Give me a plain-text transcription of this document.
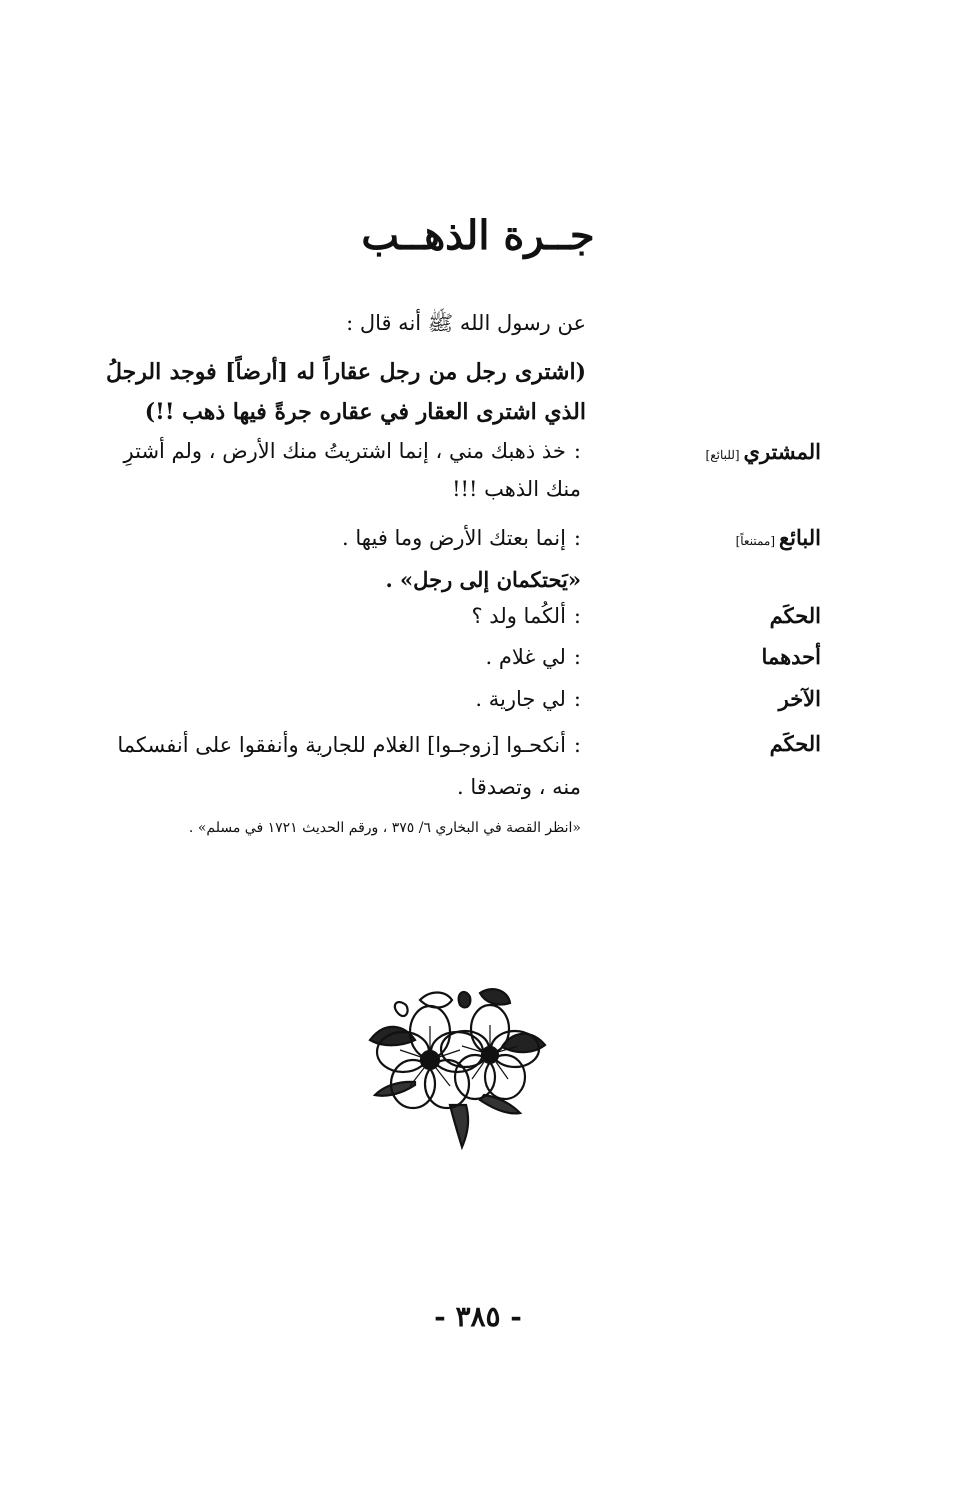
جــرة الذهــب
عن رسول الله ﷺ أنه قال :
(اشترى رجل من رجل عقاراً له [أرضاً] فوجد الرجلُ الذي اشترى العقار في عقاره جرةً فيها ذهب !!)
المشتري[للبائع]
:خذ ذهبك مني ، إنما اشتريتُ منك الأرض ، ولم أشترِ منك الذهب !!!
البائع[ممتنعاً]
:إنما بعتك الأرض وما فيها .
«يَحتكمان إلى رجل» .
الحكَم
:ألكُما ولد ؟
أحدهما
:لي غلام .
الآخر
:لي جارية .
الحكَم
:أنكحـوا [زوجـوا] الغلام للجارية وأنفقوا على أنفسكما منه ، وتصدقا .
«انظر القصة في البخاري ٦/ ٣٧٥ ، ورقم الحديث ١٧٢١ في مسلم» .
- ٣٨٥ -
